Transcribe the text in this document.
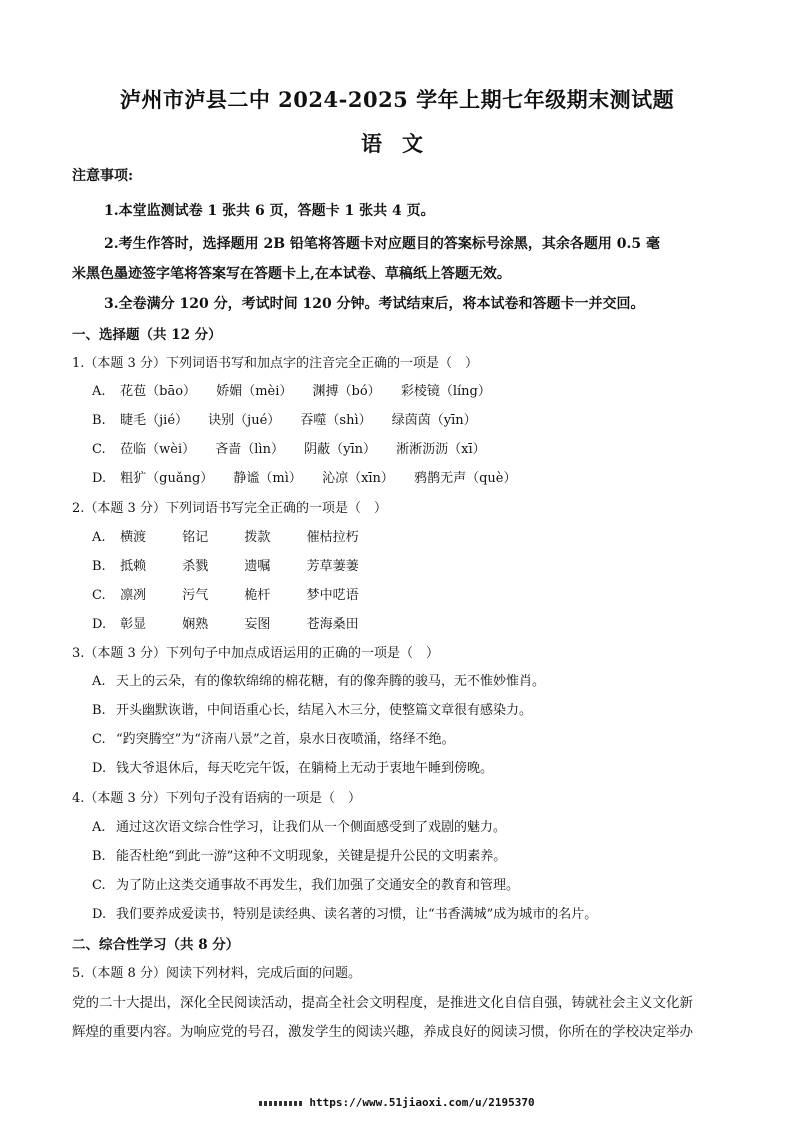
泸州市泸县二中 2024-2025 学年上期七年级期末测试题
语文
注意事项:
1.本堂监测试卷 1 张共 6 页，答题卡 1 张共 4 页。
2.考生作答时，选择题用 2B 铅笔将答题卡对应题目的答案标号涂黑，其余各题用 0.5 毫
米黑色墨迹签字笔将答案写在答题卡上,在本试卷、草稿纸上答题无效。
3.全卷满分 120 分，考试时间 120 分钟。考试结束后，将本试卷和答题卡一并交回。
一、选择题（共 12 分）
1.（本题 3 分）下列词语书写和加点字的注音完全正确的一项是（　）
A. 花苞（bāo） 娇媚（mèi） 渊搏（bó） 彩棱镜（líng）
B. 睫毛（jié） 诀别（jué） 吞噬（shì） 绿茵茵（yīn）
C. 莅临（wèi） 吝啬（lìn） 阴蔽（yīn） 淅淅沥沥（xī）
D. 粗犷（guǎng） 静谧（mì） 沁凉（xīn） 鸦鹊无声（què）
2.（本题 3 分）下列词语书写完全正确的一项是（　）
A. 横渡	铭记	拨款	催枯拉朽
B. 抵赖	杀戮	遗嘱	芳草萋萋
C. 凛冽	污气	桅杆	梦中呓语
D. 彰显	娴熟	妄图	苍海桑田
3.（本题 3 分）下列句子中加点成语运用的正确的一项是（　）
A. 天上的云朵，有的像软绵绵的棉花糖，有的像奔腾的骏马，无不惟妙惟肖。
B. 开头幽默诙谐，中间语重心长，结尾入木三分，使整篇文章很有感染力。
C. “趵突腾空”为“济南八景”之首，泉水日夜喷涌，络绎不绝。
D. 钱大爷退休后，每天吃完午饭，在躺椅上无动于衷地午睡到傍晚。
4.（本题 3 分）下列句子没有语病的一项是（　）
A. 通过这次语文综合性学习，让我们从一个侧面感受到了戏剧的魅力。
B. 能否杜绝“到此一游”这种不文明现象，关键是提升公民的文明素养。
C. 为了防止这类交通事故不再发生，我们加强了交通安全的教育和管理。
D. 我们要养成爱读书，特别是读经典、读名著的习惯，让“书香满城”成为城市的名片。
二、综合性学习（共 8 分）
5.（本题 8 分）阅读下列材料，完成后面的问题。
党的二十大提出，深化全民阅读活动，提高全社会文明程度，是推进文化自信自强，铸就社会主义文化新
辉煌的重要内容。为响应党的号召，激发学生的阅读兴趣，养成良好的阅读习惯，你所在的学校决定举办
https://www.51jiaoxi.com/u/2195370
